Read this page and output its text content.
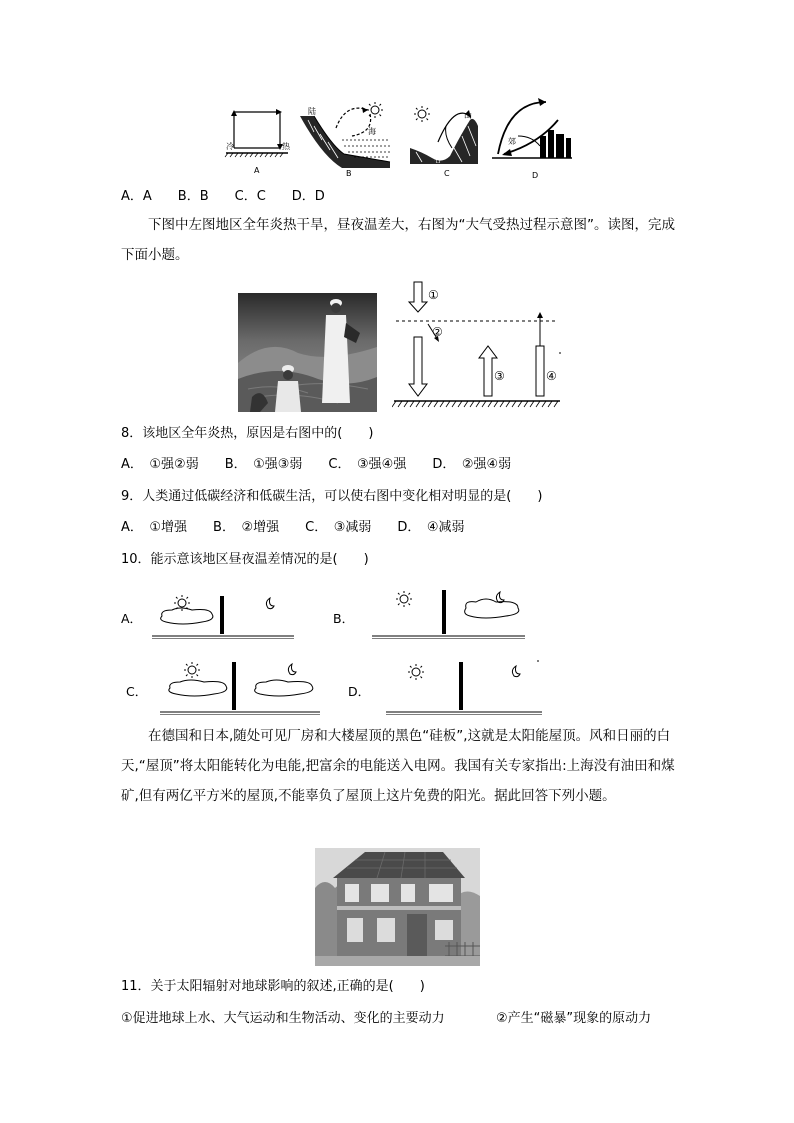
冷	热
A
陆
海
B
谷
山
C
郊
D
A．A　　B．B　　C．C　　D．D
下图中左图地区全年炎热干旱，昼夜温差大，右图为“大气受热过程示意图”。读图，完成下面小题。
①
②
③	④
8．该地区全年炎热，原因是右图中的(　　)
A．　①强②弱　　B．　①强③弱　　C．　③强④强　　D．　②强④弱
9．人类通过低碳经济和低碳生活，可以使右图中变化相对明显的是(　　)
A．　①增强　　B．　②增强　　C．　③减弱　　D．　④减弱
10．能示意该地区昼夜温差情况的是(　　)
A．	B．
C．	D．
在德国和日本,随处可见厂房和大楼屋顶的黑色“硅板”,这就是太阳能屋顶。风和日丽的白天,“屋顶”将太阳能转化为电能,把富余的电能送入电网。我国有关专家指出:上海没有油田和煤矿,但有两亿平方米的屋顶,不能辜负了屋顶上这片免费的阳光。据此回答下列小题。
11．关于太阳辐射对地球影响的叙述,正确的是(　　)
①促进地球上水、大气运动和生物活动、变化的主要动力	②产生“磁暴”现象的原动力
